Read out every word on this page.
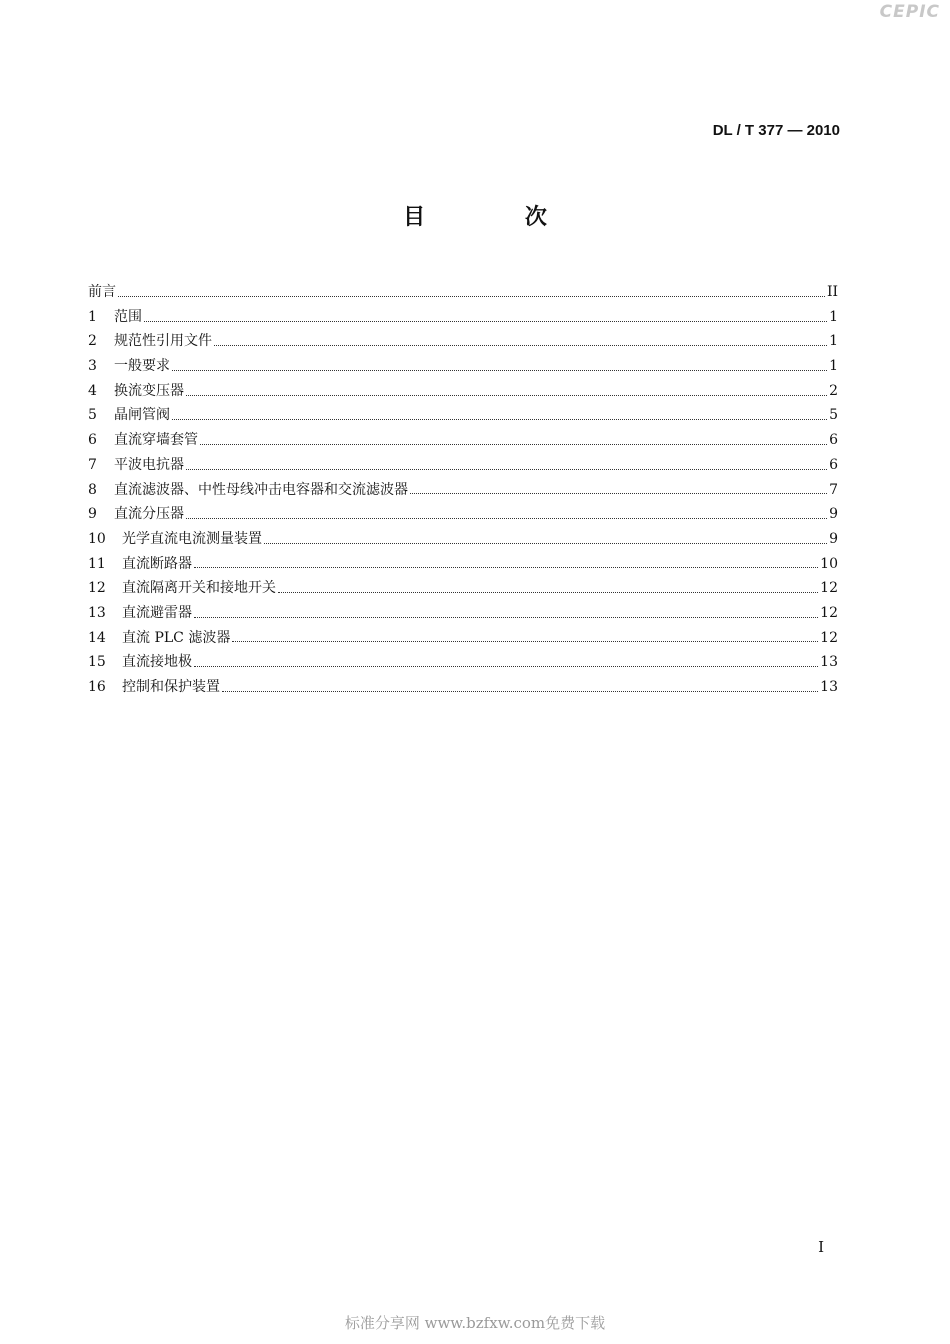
CEPIC
DL / T 377 — 2010
目 次
前言	II
1	范围	1
2	规范性引用文件	1
3	一般要求	1
4	换流变压器	2
5	晶闸管阀	5
6	直流穿墙套管	6
7	平波电抗器	6
8	直流滤波器、中性母线冲击电容器和交流滤波器	7
9	直流分压器	9
10	光学直流电流测量装置	9
11	直流断路器	10
12	直流隔离开关和接地开关	12
13	直流避雷器	12
14	直流 PLC 滤波器	12
15	直流接地极	13
16	控制和保护装置	13
I
标准分享网 www.bzfxw.com免费下载
